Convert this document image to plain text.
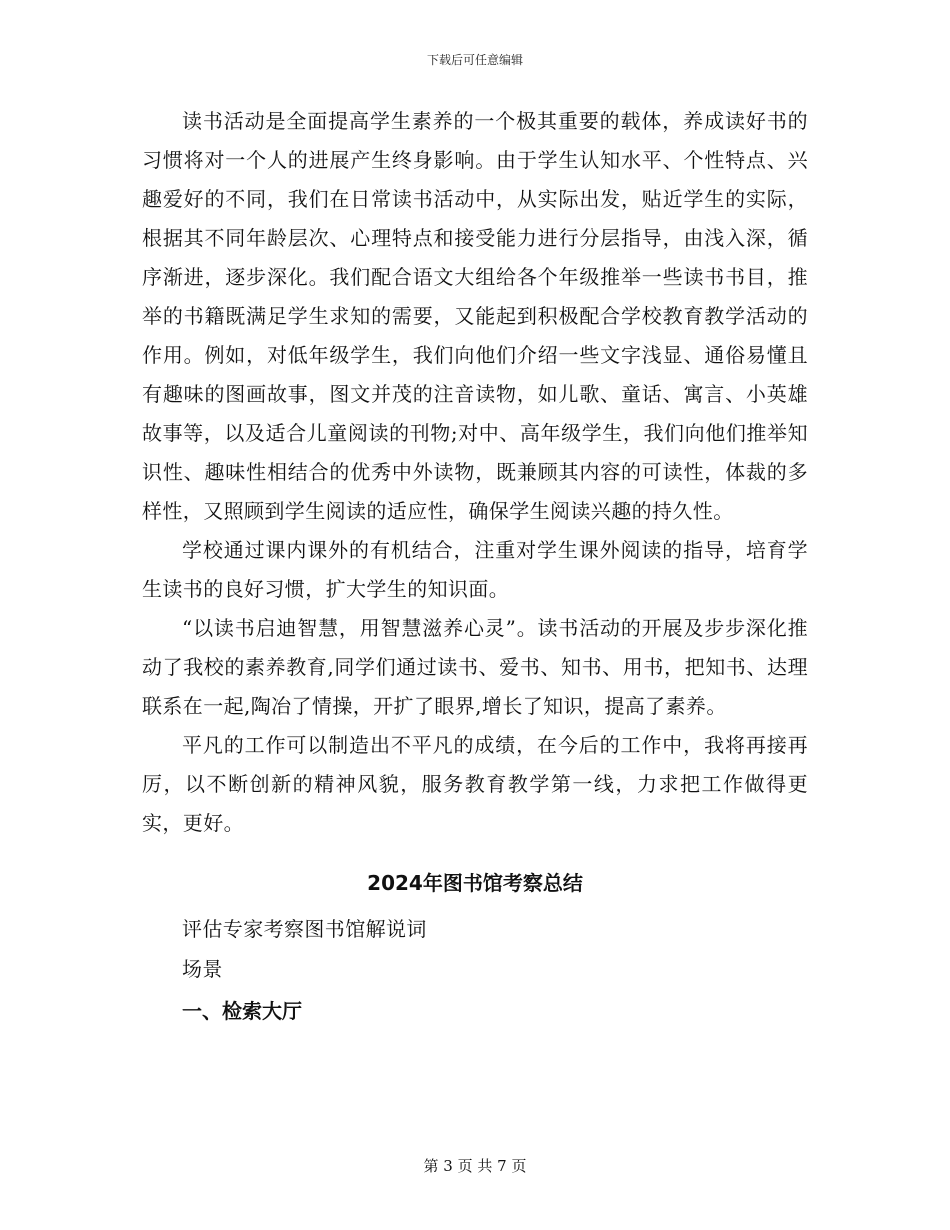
下载后可任意编辑

读书活动是全面提高学生素养的一个极其重要的载体，养成读好书的习惯将对一个人的进展产生终身影响。由于学生认知水平、个性特点、兴趣爱好的不同，我们在日常读书活动中，从实际出发，贴近学生的实际，根据其不同年龄层次、心理特点和接受能力进行分层指导，由浅入深，循序渐进，逐步深化。我们配合语文大组给各个年级推举一些读书书目，推举的书籍既满足学生求知的需要，又能起到积极配合学校教育教学活动的作用。例如，对低年级学生，我们向他们介绍一些文字浅显、通俗易懂且有趣味的图画故事，图文并茂的注音读物，如儿歌、童话、寓言、小英雄故事等，以及适合儿童阅读的刊物;对中、高年级学生，我们向他们推举知识性、趣味性相结合的优秀中外读物，既兼顾其内容的可读性，体裁的多样性，又照顾到学生阅读的适应性，确保学生阅读兴趣的持久性。

学校通过课内课外的有机结合，注重对学生课外阅读的指导，培育学生读书的良好习惯，扩大学生的知识面。

“以读书启迪智慧，用智慧滋养心灵”。读书活动的开展及步步深化推动了我校的素养教育,同学们通过读书、爱书、知书、用书，把知书、达理联系在一起,陶冶了情操，开扩了眼界,增长了知识，提高了素养。

平凡的工作可以制造出不平凡的成绩，在今后的工作中，我将再接再厉，以不断创新的精神风貌，服务教育教学第一线，力求把工作做得更实，更好。

2024年图书馆考察总结

评估专家考察图书馆解说词

场景

一、检索大厅

第 3 页 共 7 页
